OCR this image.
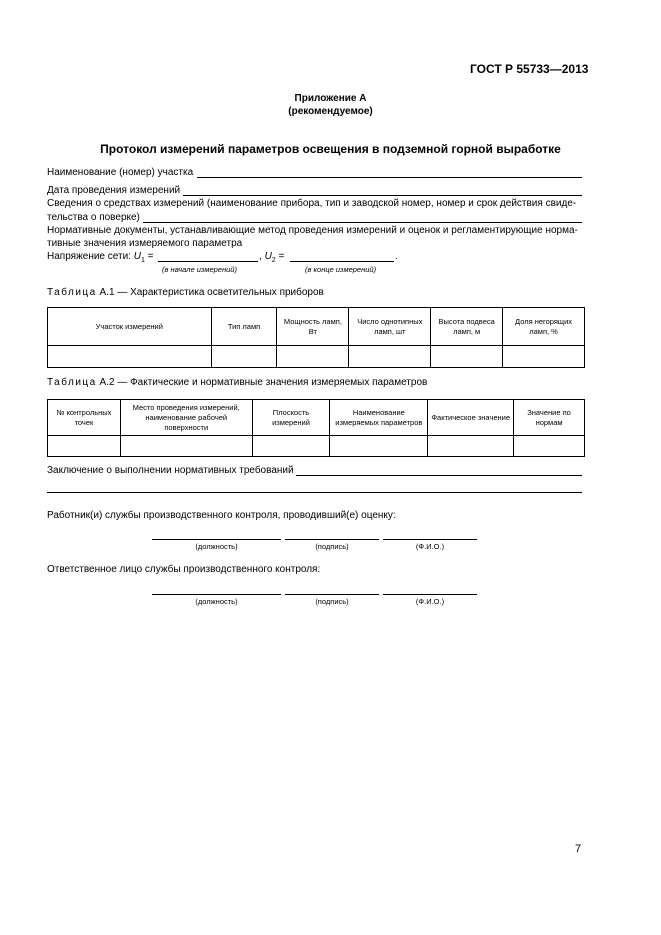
ГОСТ Р 55733—2013
Приложение А
(рекомендуемое)
Протокол измерений параметров освещения в подземной горной выработке
Наименование (номер) участка
Дата проведения измерений
Сведения о средствах измерений (наименование прибора, тип и заводской номер, номер и срок действия свиде-
тельства о поверке)
Нормативные документы, устанавливающие метод проведения измерений и оценок и регламентирующие норма-
тивные значения измеряемого параметра
Напряжение сети: $U_1$ =	, $U_2$ =	.
(в начале измерений)	(в конце измерений)
Таблица А.1 — Характеристика осветительных приборов
Участок измерений	Тип ламп	Мощность ламп, Вт	Число однотипных ламп, шт	Высота подвеса ламп, м	Доля негорящих ламп, %

Таблица А.2 — Фактические и нормативные значения измеряемых параметров
№ контрольных точек	Место проведения измерений, наименование рабочей поверхности	Плоскость измерений	Наименование измеряемых параметров	Фактическое значение	Значение по нормам

Заключение о выполнении нормативных требований
Работник(и) службы производственного контроля, проводивший(е) оценку:
(должность)	(подпись)	(Ф.И.О.)
Ответственное лицо службы производственного контроля:
(должность)	(подпись)	(Ф.И.О.)
7
